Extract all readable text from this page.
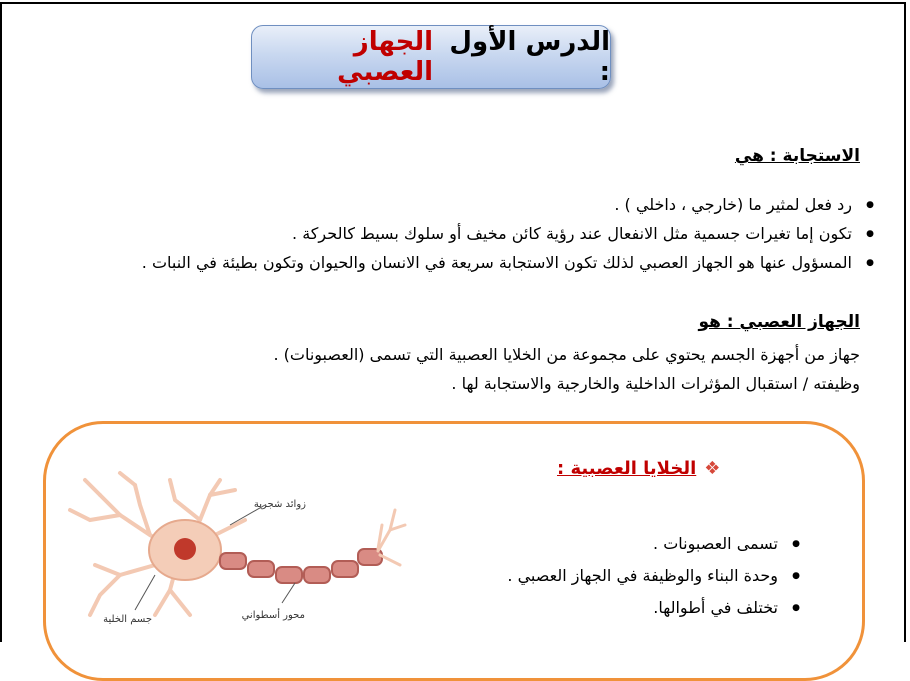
الدرس الأول :
الجهاز العصبي
الاستجابة : هي
● رد فعل لمثير ما (خارجي ، داخلي ) .
● تكون إما تغيرات جسمية مثل الانفعال عند رؤية كائن مخيف أو سلوك بسيط كالحركة .
● المسؤول عنها هو الجهاز العصبي لذلك تكون الاستجابة سريعة في الانسان والحيوان وتكون بطيئة في النبات .
الجهاز العصبي : هو
جهاز من أجهزة الجسم يحتوي على مجموعة من الخلايا العصبية التي تسمى (العصبونات) .
وظيفته / استقبال المؤثرات الداخلية والخارجية والاستجابة لها .
❖الخلايا العصبية :
● تسمى العصبونات .
● وحدة البناء والوظيفة في الجهاز العصبي .
● تختلف في أطوالها.
زوائد شجرية
محور أسطواني
جسم الخلية
